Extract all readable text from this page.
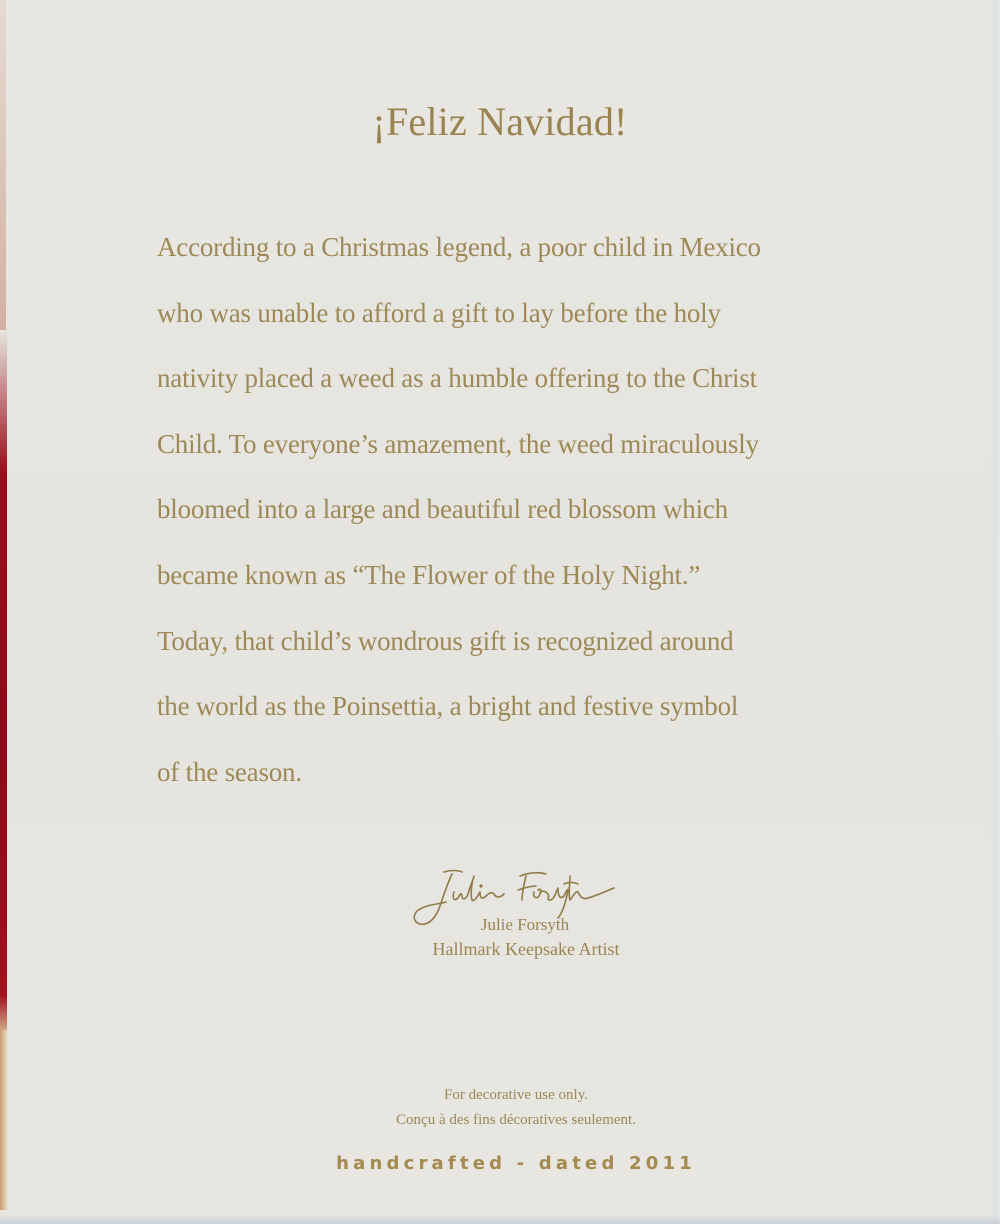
¡Feliz Navidad!
According to a Christmas legend, a poor child in Mexico
who was unable to afford a gift to lay before the holy
nativity placed a weed as a humble offering to the Christ
Child. To everyone’s amazement, the weed miraculously
bloomed into a large and beautiful red blossom which
became known as “The Flower of the Holy Night.”
Today, that child’s wondrous gift is recognized around
the world as the Poinsettia, a bright and festive symbol
of the season.
Julie Forsyth
Hallmark Keepsake Artist
For decorative use only.
Conçu à des fins décoratives seulement.
handcrafted - dated 2011
